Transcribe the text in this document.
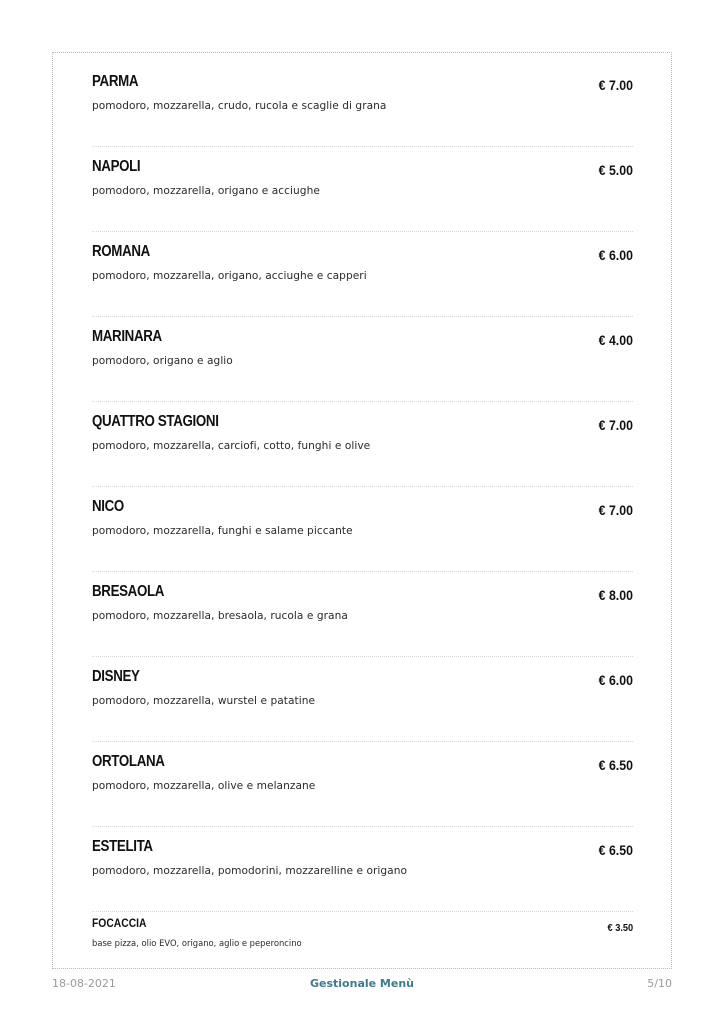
PARMA
pomodoro, mozzarella, crudo, rucola e scaglie di grana
€ 7.00
NAPOLI
pomodoro, mozzarella, origano e acciughe
€ 5.00
ROMANA
pomodoro, mozzarella, origano, acciughe e capperi
€ 6.00
MARINARA
pomodoro, origano e aglio
€ 4.00
QUATTRO STAGIONI
pomodoro, mozzarella, carciofi, cotto, funghi e olive
€ 7.00
NICO
pomodoro, mozzarella, funghi e salame piccante
€ 7.00
BRESAOLA
pomodoro, mozzarella, bresaola, rucola e grana
€ 8.00
DISNEY
pomodoro, mozzarella, wurstel e patatine
€ 6.00
ORTOLANA
pomodoro, mozzarella, olive e melanzane
€ 6.50
ESTELITA
pomodoro, mozzarella, pomodorini, mozzarelline e origano
€ 6.50
FOCACCIA
base pizza, olio EVO, origano, aglio e peperoncino
€ 3.50
18-08-2021	Gestionale Menù	5/10
